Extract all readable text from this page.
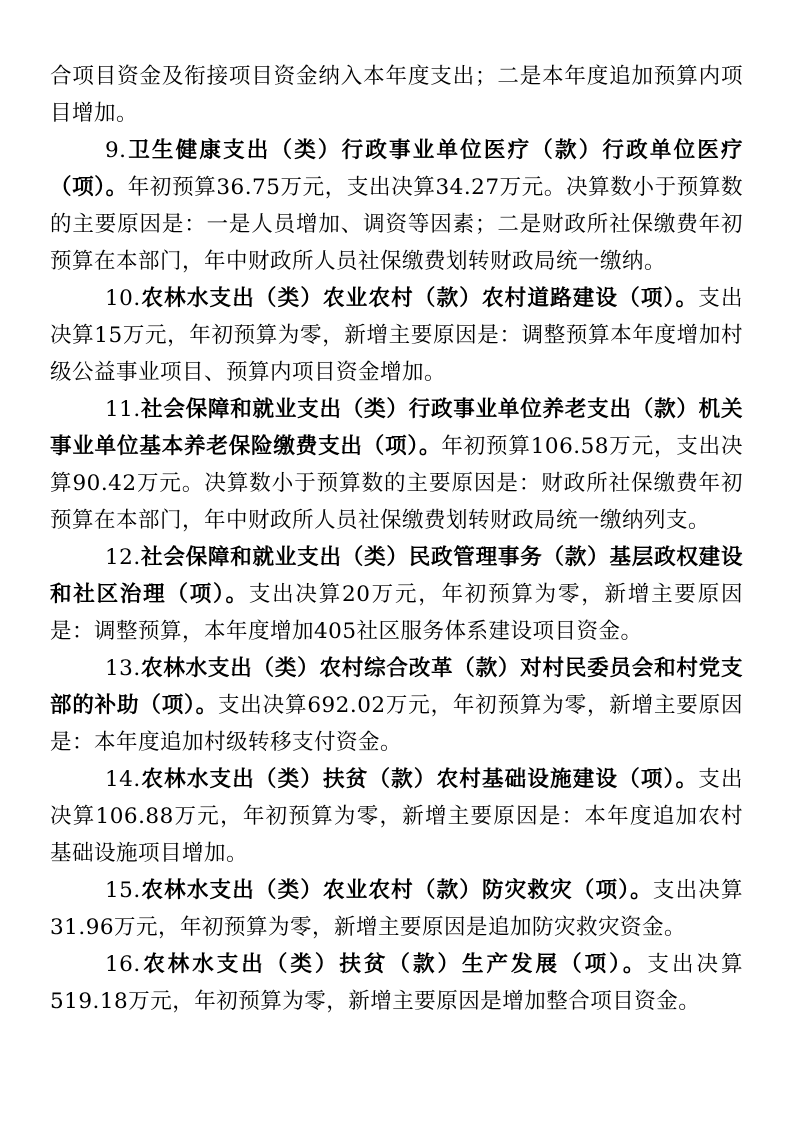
合项目资金及衔接项目资金纳入本年度支出；二是本年度追加预算内项目增加。

9.卫生健康支出（类）行政事业单位医疗（款）行政单位医疗（项）。年初预算36.75万元，支出决算34.27万元。决算数小于预算数的主要原因是：一是人员增加、调资等因素；二是财政所社保缴费年初预算在本部门，年中财政所人员社保缴费划转财政局统一缴纳。

10.农林水支出（类）农业农村（款）农村道路建设（项）。支出决算15万元，年初预算为零，新增主要原因是：调整预算本年度增加村级公益事业项目、预算内项目资金增加。

11.社会保障和就业支出（类）行政事业单位养老支出（款）机关事业单位基本养老保险缴费支出（项）。年初预算106.58万元，支出决算90.42万元。决算数小于预算数的主要原因是：财政所社保缴费年初预算在本部门，年中财政所人员社保缴费划转财政局统一缴纳列支。

12.社会保障和就业支出（类）民政管理事务（款）基层政权建设和社区治理（项）。支出决算20万元，年初预算为零，新增主要原因是：调整预算，本年度增加405社区服务体系建设项目资金。

13.农林水支出（类）农村综合改革（款）对村民委员会和村党支部的补助（项）。支出决算692.02万元，年初预算为零，新增主要原因是：本年度追加村级转移支付资金。

14.农林水支出（类）扶贫（款）农村基础设施建设（项）。支出决算106.88万元，年初预算为零，新增主要原因是：本年度追加农村基础设施项目增加。

15.农林水支出（类）农业农村（款）防灾救灾（项）。支出决算31.96万元，年初预算为零，新增主要原因是追加防灾救灾资金。

16.农林水支出（类）扶贫（款）生产发展（项）。支出决算519.18万元，年初预算为零，新增主要原因是增加整合项目资金。
